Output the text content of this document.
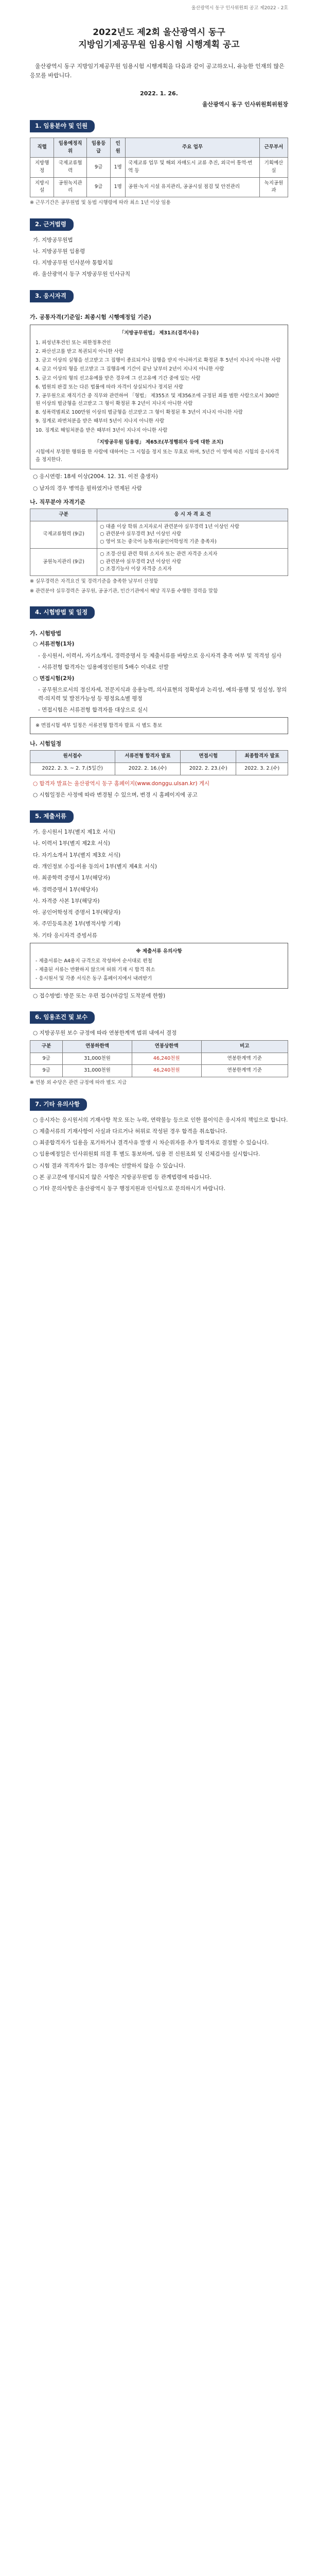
울산광역시 동구 인사위원회 공고 제2022 - 2호
2022년도 제2회 울산광역시 동구
지방임기제공무원 임용시험 시행계획 공고

울산광역시 동구 지방임기제공무원 임용시험 시행계획을 다음과 같이 공고하오니, 유능한 인재의 많은 응모를 바랍니다.

2022. 1. 26.
울산광역시 동구 인사위원회위원장
1. 임용분야 및 인원
직렬	임용예정직위	임용등급	인원	주요 업무	근무부서
지방행정	국제교류협력	9급	1명	국제교류 업무 및 해외 자매도시 교류 추진, 외국어 통역·번역 등	기획예산실
지방시설	공원녹지관리	9급	1명	공원·녹지 시설 유지관리, 공공시설 점검 및 안전관리	녹지공원과
※ 근무기간은 공무원법 및 동법 시행령에 따라 최소 1년 이상 임용
2. 근거법령
가. 지방공무원법
나. 지방공무원 임용령
다. 지방공무원 인사분야 통합지침
라. 울산광역시 동구 지방공무원 인사규칙
3. 응시자격
가. 공통자격(기준일: 최종시험 시행예정일 기준)
「지방공무원법」 제31조(결격사유)
1. 피성년후견인 또는 피한정후견인
2. 파산선고를 받고 복권되지 아니한 사람
3. 금고 이상의 실형을 선고받고 그 집행이 종료되거나 집행을 받지 아니하기로 확정된 후 5년이 지나지 아니한 사람
4. 금고 이상의 형을 선고받고 그 집행유예 기간이 끝난 날부터 2년이 지나지 아니한 사람
5. 금고 이상의 형의 선고유예를 받은 경우에 그 선고유예 기간 중에 있는 사람
6. 법원의 판결 또는 다른 법률에 따라 자격이 상실되거나 정지된 사람
7. 공무원으로 재직기간 중 직무와 관련하여 「형법」 제355조 및 제356조에 규정된 죄를 범한 사람으로서 300만원 이상의 벌금형을 선고받고 그 형이 확정된 후 2년이 지나지 아니한 사람
8. 성폭력범죄로 100만원 이상의 벌금형을 선고받고 그 형이 확정된 후 3년이 지나지 아니한 사람
9. 징계로 파면처분을 받은 때부터 5년이 지나지 아니한 사람
10. 징계로 해임처분을 받은 때부터 3년이 지나지 아니한 사람
「지방공무원 임용령」 제65조(부정행위자 등에 대한 조치)
시험에서 부정한 행위를 한 사람에 대하여는 그 시험을 정지 또는 무효로 하며, 5년간 이 영에 따른 시험의 응시자격을 정지한다.
○ 응시연령: 18세 이상(2004. 12. 31. 이전 출생자)
○ 남자의 경우 병역을 필하였거나 면제된 사람
나. 직무분야 자격기준
구분	응 시 자 격 요 건
국제교류협력 (9급)	○ 대졸 이상 학위 소지자로서 관련분야 실무경력 1년 이상인 사람
○ 관련분야 실무경력 3년 이상인 사람
○ 영어 또는 중국어 능통자(공인어학성적 기준 충족자)
공원녹지관리 (9급)	○ 조경·산림 관련 학위 소지자 또는 관련 자격증 소지자
○ 관련분야 실무경력 2년 이상인 사람
○ 조경기능사 이상 자격증 소지자
※ 실무경력은 자격요건 및 경력기준을 충족한 날부터 산정함
※ 관련분야 실무경력은 공무원, 공공기관, 민간기관에서 해당 직무를 수행한 경력을 말함
4. 시험방법 및 일정
가. 시험방법
○ 서류전형(1차)
- 응시원서, 이력서, 자기소개서, 경력증명서 등 제출서류를 바탕으로 응시자격 충족 여부 및 적격성 심사
- 서류전형 합격자는 임용예정인원의 5배수 이내로 선발
○ 면접시험(2차)
- 공무원으로서의 정신자세, 전문지식과 응용능력, 의사표현의 정확성과 논리성, 예의·품행 및 성실성, 창의력·의지력 및 발전가능성 등 평정요소별 평정
- 면접시험은 서류전형 합격자를 대상으로 실시
※ 면접시험 세부 일정은 서류전형 합격자 발표 시 별도 통보
나. 시험일정
원서접수	서류전형 합격자 발표	면접시험	최종합격자 발표
2022. 2. 3. ~ 2. 7.(5일간)	2022. 2. 16.(수)	2022. 2. 23.(수)	2022. 3. 2.(수)
○ 합격자 발표는 울산광역시 동구 홈페이지(www.donggu.ulsan.kr) 게시
○ 시험일정은 사정에 따라 변경될 수 있으며, 변경 시 홈페이지에 공고
5. 제출서류
가. 응시원서 1부(별지 제1호 서식)
나. 이력서 1부(별지 제2호 서식)
다. 자기소개서 1부(별지 제3호 서식)
라. 개인정보 수집·이용 동의서 1부(별지 제4호 서식)
마. 최종학력 증명서 1부(해당자)
바. 경력증명서 1부(해당자)
사. 자격증 사본 1부(해당자)
아. 공인어학성적 증명서 1부(해당자)
자. 주민등록초본 1부(병적사항 기재)
차. 기타 응시자격 증빙서류
※ 제출서류 유의사항
- 제출서류는 A4용지 규격으로 작성하여 순서대로 편철
- 제출된 서류는 반환하지 않으며 허위 기재 시 합격 취소
- 응시원서 및 각종 서식은 동구 홈페이지에서 내려받기
○ 접수방법: 방문 또는 우편 접수(마감일 도착분에 한함)
6. 임용조건 및 보수
○ 지방공무원 보수 규정에 따라 연봉한계액 범위 내에서 결정
구분	연봉하한액	연봉상한액	비고
9급	31,000천원	46,240천원	연봉한계액 기준
9급	31,000천원	46,240천원	연봉한계액 기준
※ 연봉 외 수당은 관련 규정에 따라 별도 지급
7. 기타 유의사항
○ 응시자는 응시원서의 기재사항 착오 또는 누락, 연락불능 등으로 인한 불이익은 응시자의 책임으로 합니다.
○ 제출서류의 기재사항이 사실과 다르거나 허위로 작성된 경우 합격을 취소합니다.
○ 최종합격자가 임용을 포기하거나 결격사유 발생 시 차순위자를 추가 합격자로 결정할 수 있습니다.
○ 임용예정일은 인사위원회 의결 후 별도 통보하며, 임용 전 신원조회 및 신체검사를 실시합니다.
○ 시험 결과 적격자가 없는 경우에는 선발하지 않을 수 있습니다.
○ 본 공고문에 명시되지 않은 사항은 지방공무원법 등 관계법령에 따릅니다.
○ 기타 문의사항은 울산광역시 동구 행정지원과 인사팀으로 문의하시기 바랍니다.
